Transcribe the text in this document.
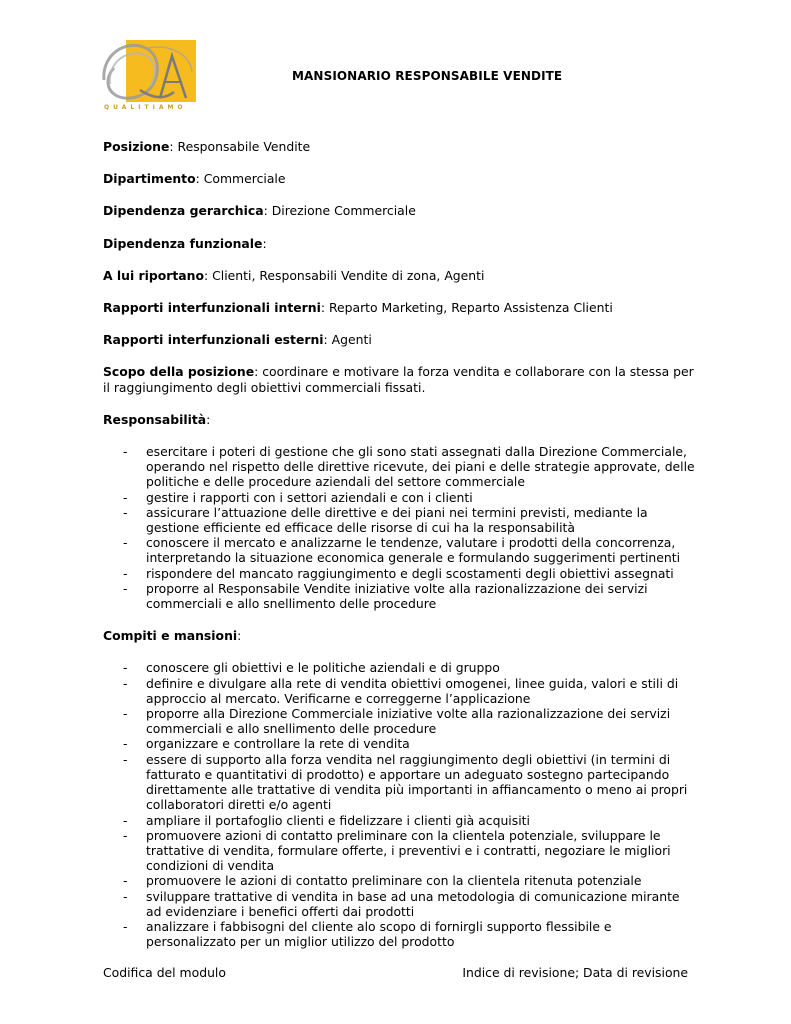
QUALITIAMO
MANSIONARIO RESPONSABILE VENDITE
Posizione: Responsabile Vendite
Dipartimento: Commerciale
Dipendenza gerarchica: Direzione Commerciale
Dipendenza funzionale:
A lui riportano: Clienti, Responsabili Vendite di zona, Agenti
Rapporti interfunzionali interni: Reparto Marketing, Reparto Assistenza Clienti
Rapporti interfunzionali esterni: Agenti
Scopo della posizione: coordinare e motivare la forza vendita e collaborare con la stessa per il raggiungimento degli obiettivi commerciali fissati.
Responsabilità:
- esercitare i poteri di gestione che gli sono stati assegnati dalla Direzione Commerciale, operando nel rispetto delle direttive ricevute, dei piani e delle strategie approvate, delle politiche e delle procedure aziendali del settore commerciale
- gestire i rapporti con i settori aziendali e con i clienti
- assicurare l’attuazione delle direttive e dei piani nei termini previsti, mediante la gestione efficiente ed efficace delle risorse di cui ha la responsabilità
- conoscere il mercato e analizzarne le tendenze, valutare i prodotti della concorrenza, interpretando la situazione economica generale e formulando suggerimenti pertinenti
- rispondere del mancato raggiungimento e degli scostamenti degli obiettivi assegnati
- proporre al Responsabile Vendite iniziative volte alla razionalizzazione dei servizi commerciali e allo snellimento delle procedure
Compiti e mansioni:
- conoscere gli obiettivi e le politiche aziendali e di gruppo
- definire e divulgare alla rete di vendita obiettivi omogenei, linee guida, valori e stili di approccio al mercato. Verificarne e correggerne l’applicazione
- proporre alla Direzione Commerciale iniziative volte alla razionalizzazione dei servizi commerciali e allo snellimento delle procedure
- organizzare e controllare la rete di vendita
- essere di supporto alla forza vendita nel raggiungimento degli obiettivi (in termini di fatturato e quantitativi di prodotto) e apportare un adeguato sostegno partecipando direttamente alle trattative di vendita più importanti in affiancamento o meno ai propri collaboratori diretti e/o agenti
- ampliare il portafoglio clienti e fidelizzare i clienti già acquisiti
- promuovere azioni di contatto preliminare con la clientela potenziale, sviluppare le trattative di vendita, formulare offerte, i preventivi e i contratti, negoziare le migliori condizioni di vendita
- promuovere le azioni di contatto preliminare con la clientela ritenuta potenziale
- sviluppare trattative di vendita in base ad una metodologia di comunicazione mirante ad evidenziare i benefici offerti dai prodotti
- analizzare i fabbisogni del cliente alo scopo di fornirgli supporto flessibile e personalizzato per un miglior utilizzo del prodotto
Codifica del modulo	Indice di revisione; Data di revisione
